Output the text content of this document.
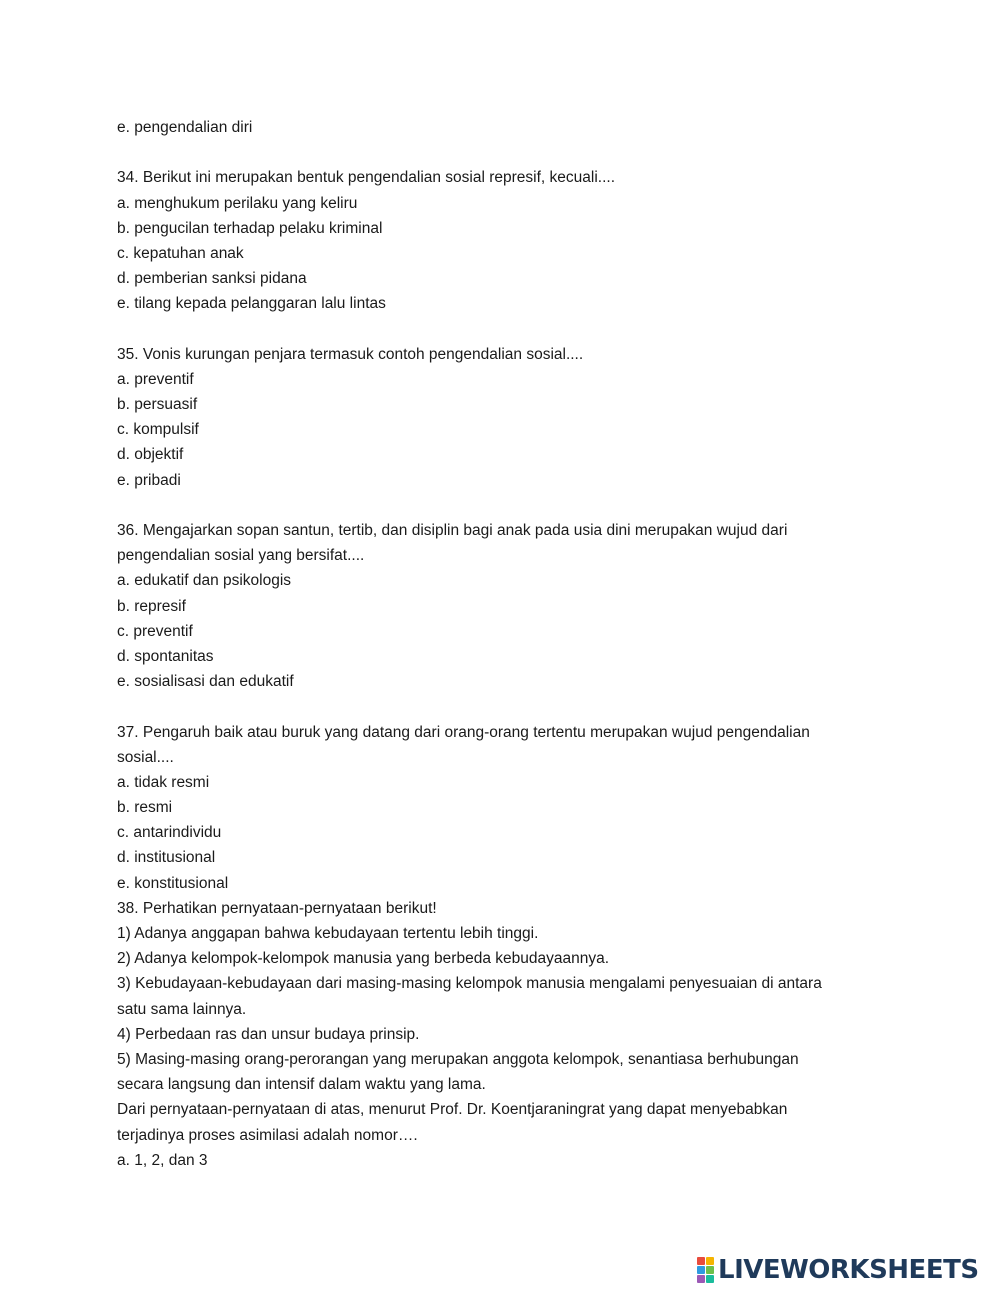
e. pengendalian diri
34. Berikut ini merupakan bentuk pengendalian sosial represif, kecuali....
a. menghukum perilaku yang keliru
b. pengucilan terhadap pelaku kriminal
c. kepatuhan anak
d. pemberian sanksi pidana
e. tilang kepada pelanggaran lalu lintas
35. Vonis kurungan penjara termasuk contoh pengendalian sosial....
a. preventif
b. persuasif
c. kompulsif
d. objektif
e. pribadi
36. Mengajarkan sopan santun, tertib, dan disiplin bagi anak pada usia dini merupakan wujud dari
pengendalian sosial yang bersifat....
a. edukatif dan psikologis
b. represif
c. preventif
d. spontanitas
e. sosialisasi dan edukatif
37. Pengaruh baik atau buruk yang datang dari orang-orang tertentu merupakan wujud pengendalian
sosial....
a. tidak resmi
b. resmi
c. antarindividu
d. institusional
e. konstitusional
38. Perhatikan pernyataan-pernyataan berikut!
1) Adanya anggapan bahwa kebudayaan tertentu lebih tinggi.
2) Adanya kelompok-kelompok manusia yang berbeda kebudayaannya.
3) Kebudayaan-kebudayaan dari masing-masing kelompok manusia mengalami penyesuaian di antara
satu sama lainnya.
4) Perbedaan ras dan unsur budaya prinsip.
5) Masing-masing orang-perorangan yang merupakan anggota kelompok, senantiasa berhubungan
secara langsung dan intensif dalam waktu yang lama.
Dari pernyataan-pernyataan di atas, menurut Prof. Dr. Koentjaraningrat yang dapat menyebabkan
terjadinya proses asimilasi adalah nomor….
a. 1, 2, dan 3
LIVEWORKSHEETS
